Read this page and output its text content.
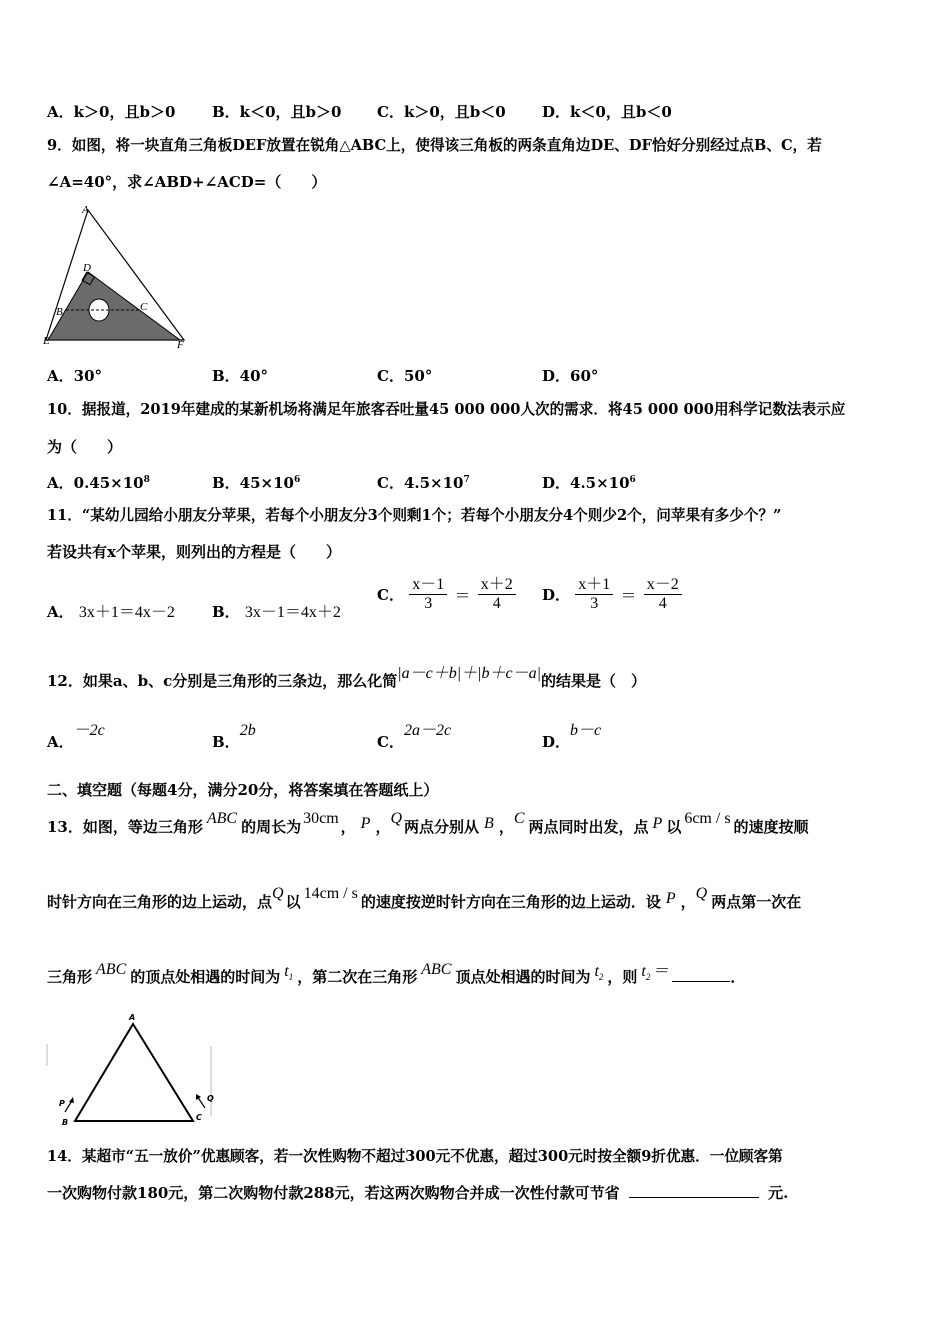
A．k＞0，且b＞0 B．k＜0，且b＞0 C．k＞0，且b＜0 D．k＜0，且b＜0
9．如图，将一块直角三角板DEF放置在锐角△ABC上，使得该三角板的两条直角边DE、DF恰好分别经过点B、C，若
∠A=40°，求∠ABD+∠ACD=（　　）
A
D
B	C
E	F
A．30°	B．40°	C．50°	D．60°
10．据报道，2019年建成的某新机场将满足年旅客吞吐量45 000 000人次的需求．将45 000 000用科学记数法表示应
为（　　）
A．$0.45\times 10^8$	B．$45\times 10^6$	C．$4.5\times 10^7$	D．$4.5\times 10^6$
11．“某幼儿园给小朋友分苹果，若每个小朋友分3个则剩1个；若每个小朋友分4个则少2个，问苹果有多少个？”
若设共有x个苹果，则列出的方程是（　　）
A． 3x＋1＝4x－2 B． 3x－1＝4x＋2
C． $\frac{x-1}{3} = \frac{x+2}{4}$ D． $\frac{x+1}{3} = \frac{x-2}{4}$
12．如果a、b、c分别是三角形的三条边，那么化简|a－c＋b|＋|b＋c－a|的结果是（　）
A．－2c
B．2b
C．2a－2c
D．b－c
二、填空题（每题4分，满分20分，将答案填在答题纸上）
13．如图，等边三角形 ABC 的周长为 30cm ， P ，Q 两点分别从 B ，C 两点同时出发，点 P 以 6cm / s 的速度按顺
时针方向在三角形的边上运动，点Q 以 14cm / s 的速度按逆时针方向在三角形的边上运动．设 P ，Q 两点第一次在
三角形 ABC 的顶点处相遇的时间为 $t_1$ ，第二次在三角形 ABC 顶点处相遇的时间为 $t_2$ ，则 $t_2$ ＝	．
A
B
C
P
Q
14．某超市“五一放价”优惠顾客，若一次性购物不超过300元不优惠，超过300元时按全额9折优惠．一位顾客第
一次购物付款180元，第二次购物付款288元，若这两次购物合并成一次性付款可节省	元.
